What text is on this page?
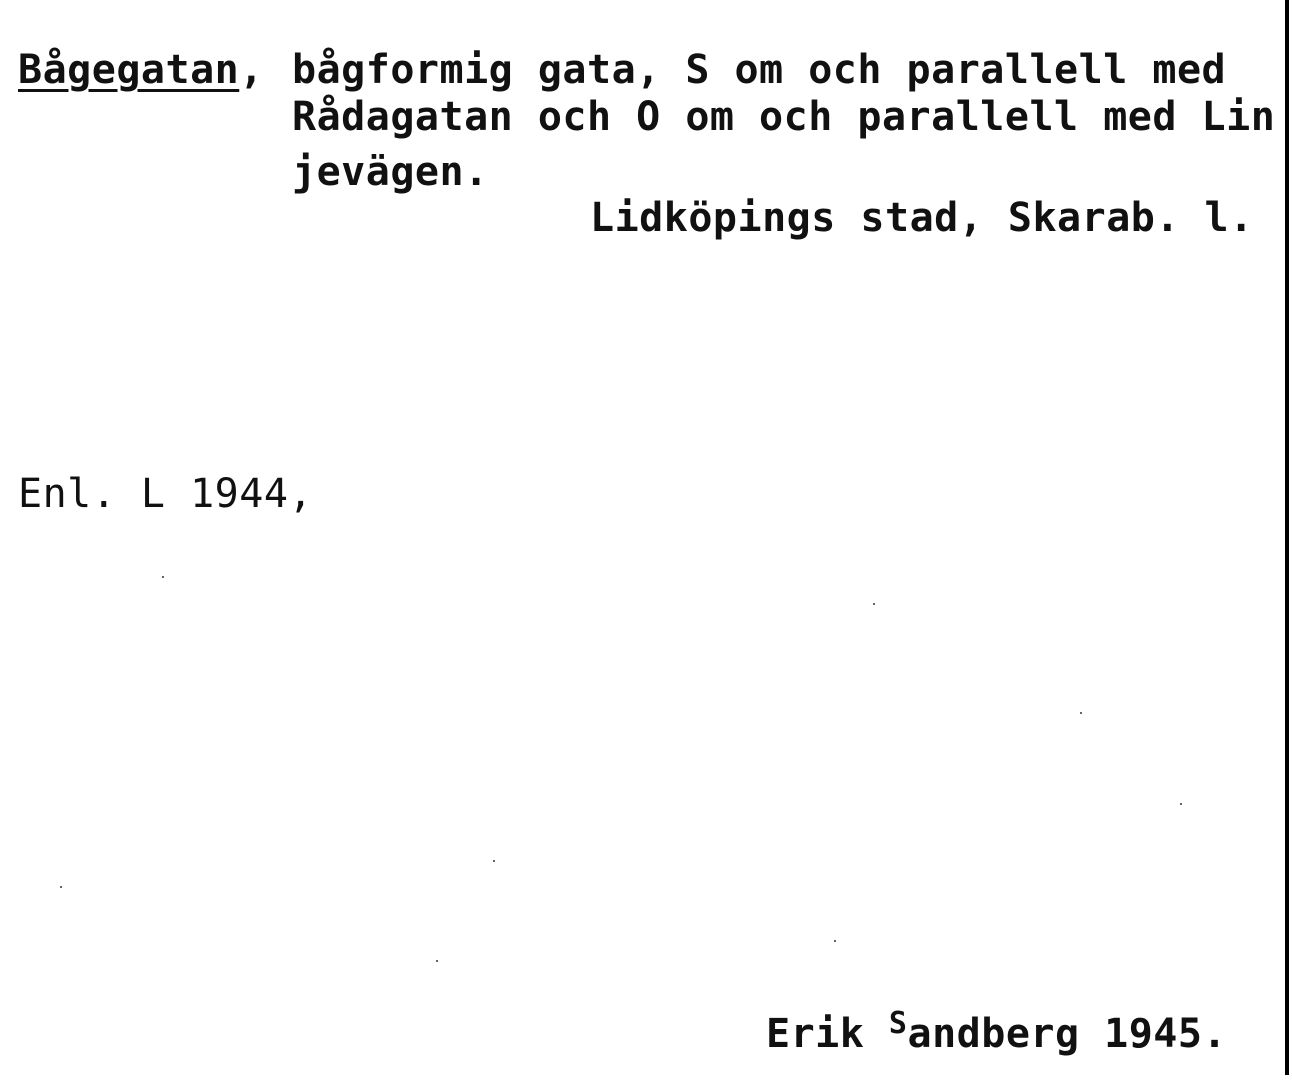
Bågegatan, bågformig gata, S om och parallell med
Rådagatan och O om och parallell med Lin
jevägen.
Lidköpings stad, Skarab. l.
Enl. L 1944,
Erik $^S$andberg 1945.
